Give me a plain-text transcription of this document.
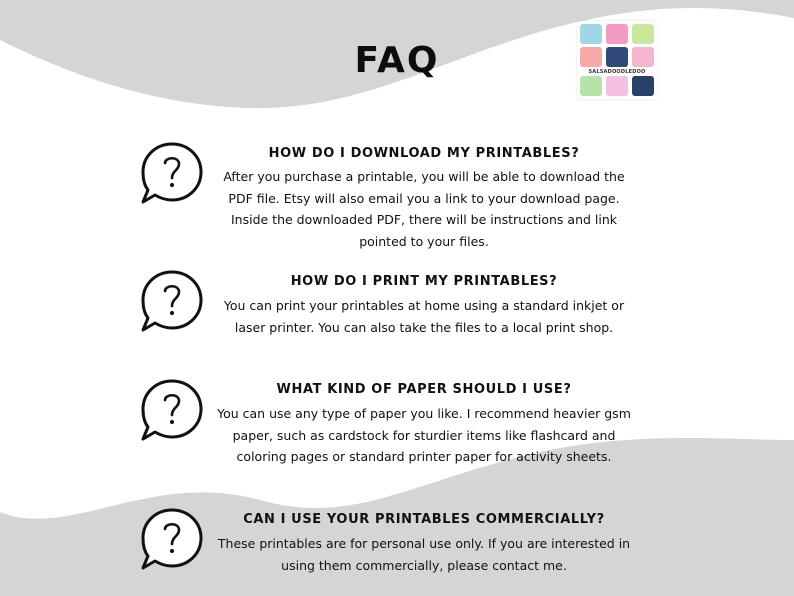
FAQ	SALSADOODLEDOO
HOW DO I DOWNLOAD MY PRINTABLES?
After you purchase a printable, you will be able to download the PDF file. Etsy will also email you a link to your download page. Inside the downloaded PDF, there will be instructions and link pointed to your files.
HOW DO I PRINT MY PRINTABLES?
You can print your printables at home using a standard inkjet or laser printer. You can also take the files to a local print shop.
WHAT KIND OF PAPER SHOULD I USE?
You can use any type of paper you like. I recommend heavier gsm paper, such as cardstock for sturdier items like flashcard and coloring pages or standard printer paper for activity sheets.
CAN I USE YOUR PRINTABLES COMMERCIALLY?
These printables are for personal use only. If you are interested in using them commercially, please contact me.
